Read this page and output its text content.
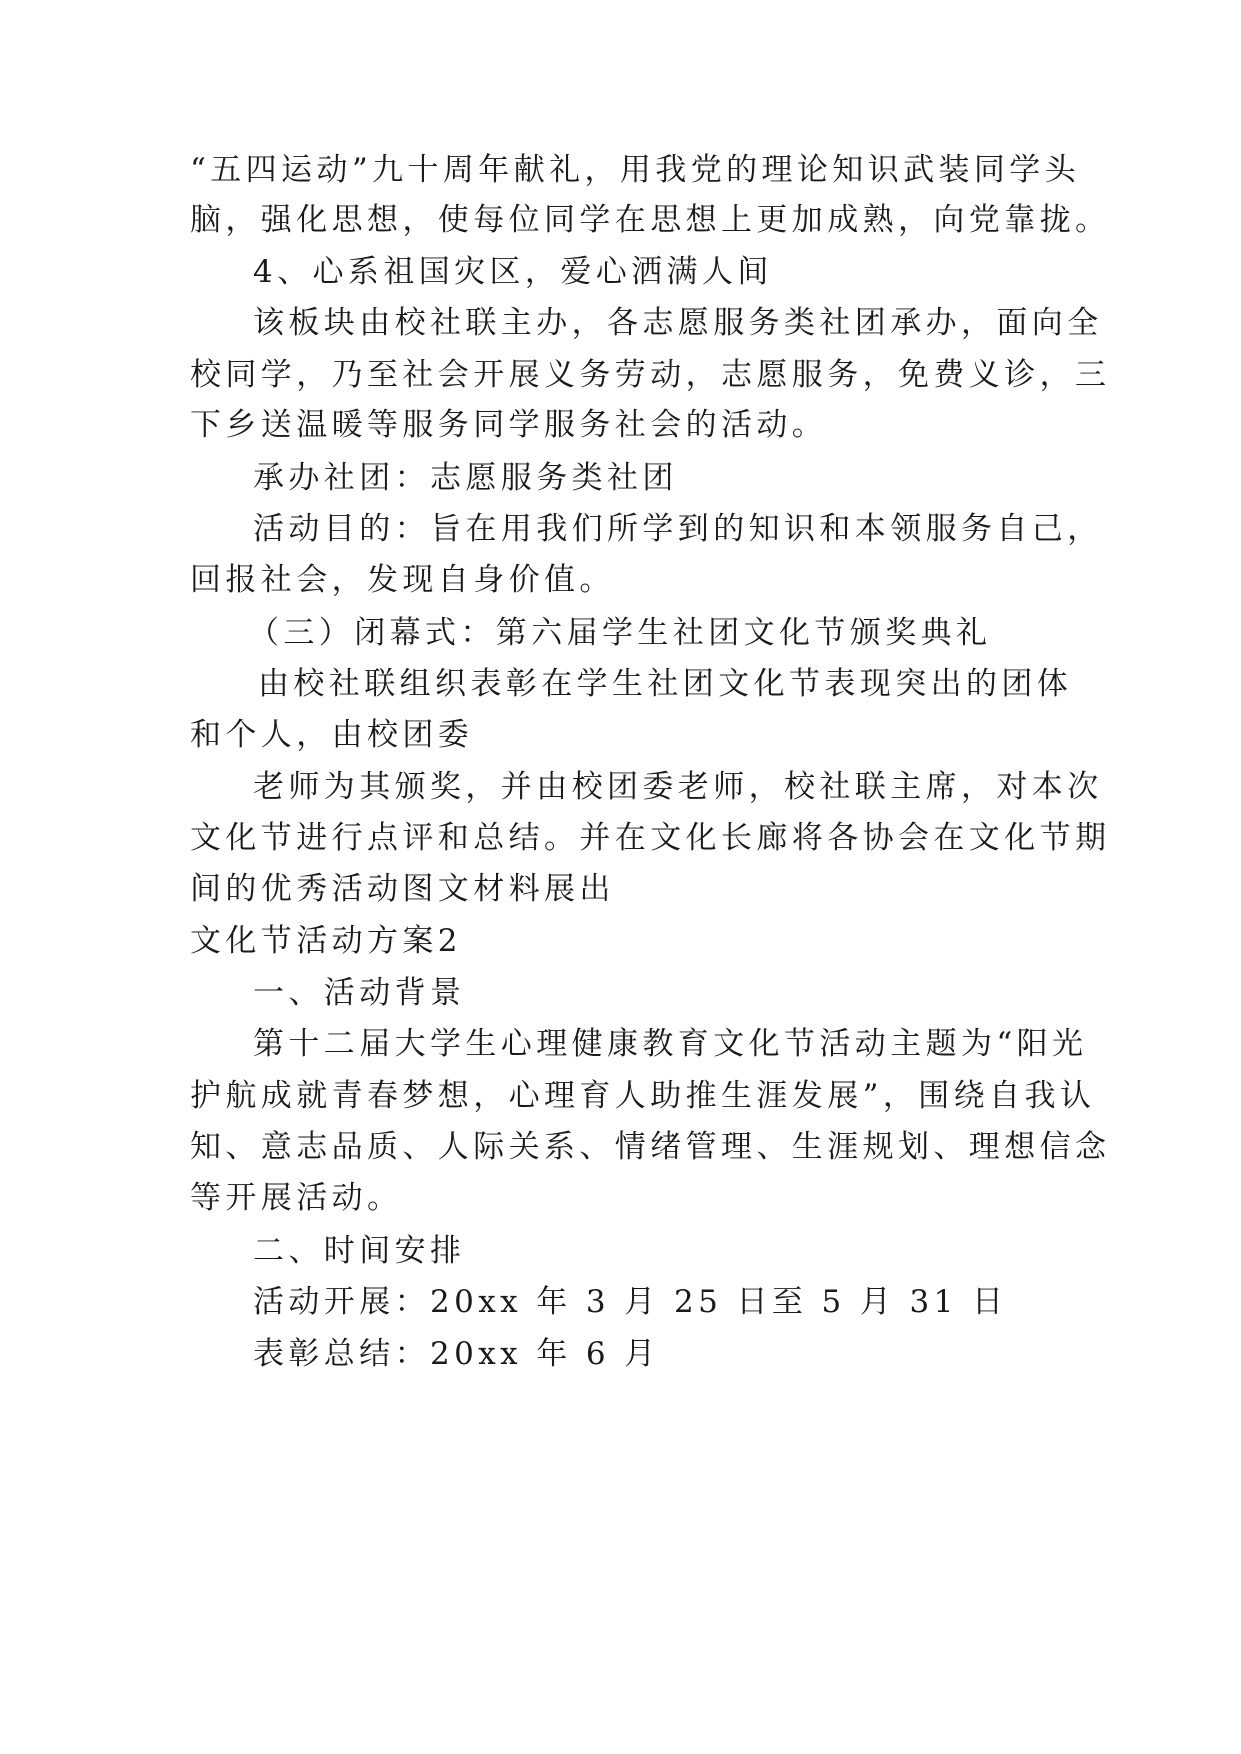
“五四运动”九十周年献礼，用我党的理论知识武装同学头
脑，强化思想，使每位同学在思想上更加成熟，向党靠拢。
4、心系祖国灾区，爱心洒满人间
该板块由校社联主办，各志愿服务类社团承办，面向全
校同学，乃至社会开展义务劳动，志愿服务，免费义诊，三
下乡送温暖等服务同学服务社会的活动。
承办社团：志愿服务类社团
活动目的：旨在用我们所学到的知识和本领服务自己，
回报社会，发现自身价值。
（三）闭幕式：第六届学生社团文化节颁奖典礼
由校社联组织表彰在学生社团文化节表现突出的团体
和个人，由校团委
老师为其颁奖，并由校团委老师，校社联主席，对本次
文化节进行点评和总结。并在文化长廊将各协会在文化节期
间的优秀活动图文材料展出
文化节活动方案2
一、活动背景
第十二届大学生心理健康教育文化节活动主题为“阳光
护航成就青春梦想，心理育人助推生涯发展”，围绕自我认
知、意志品质、人际关系、情绪管理、生涯规划、理想信念
等开展活动。
二、时间安排
活动开展：20xx 年 3 月 25 日至 5 月 31 日
表彰总结：20xx 年 6 月
